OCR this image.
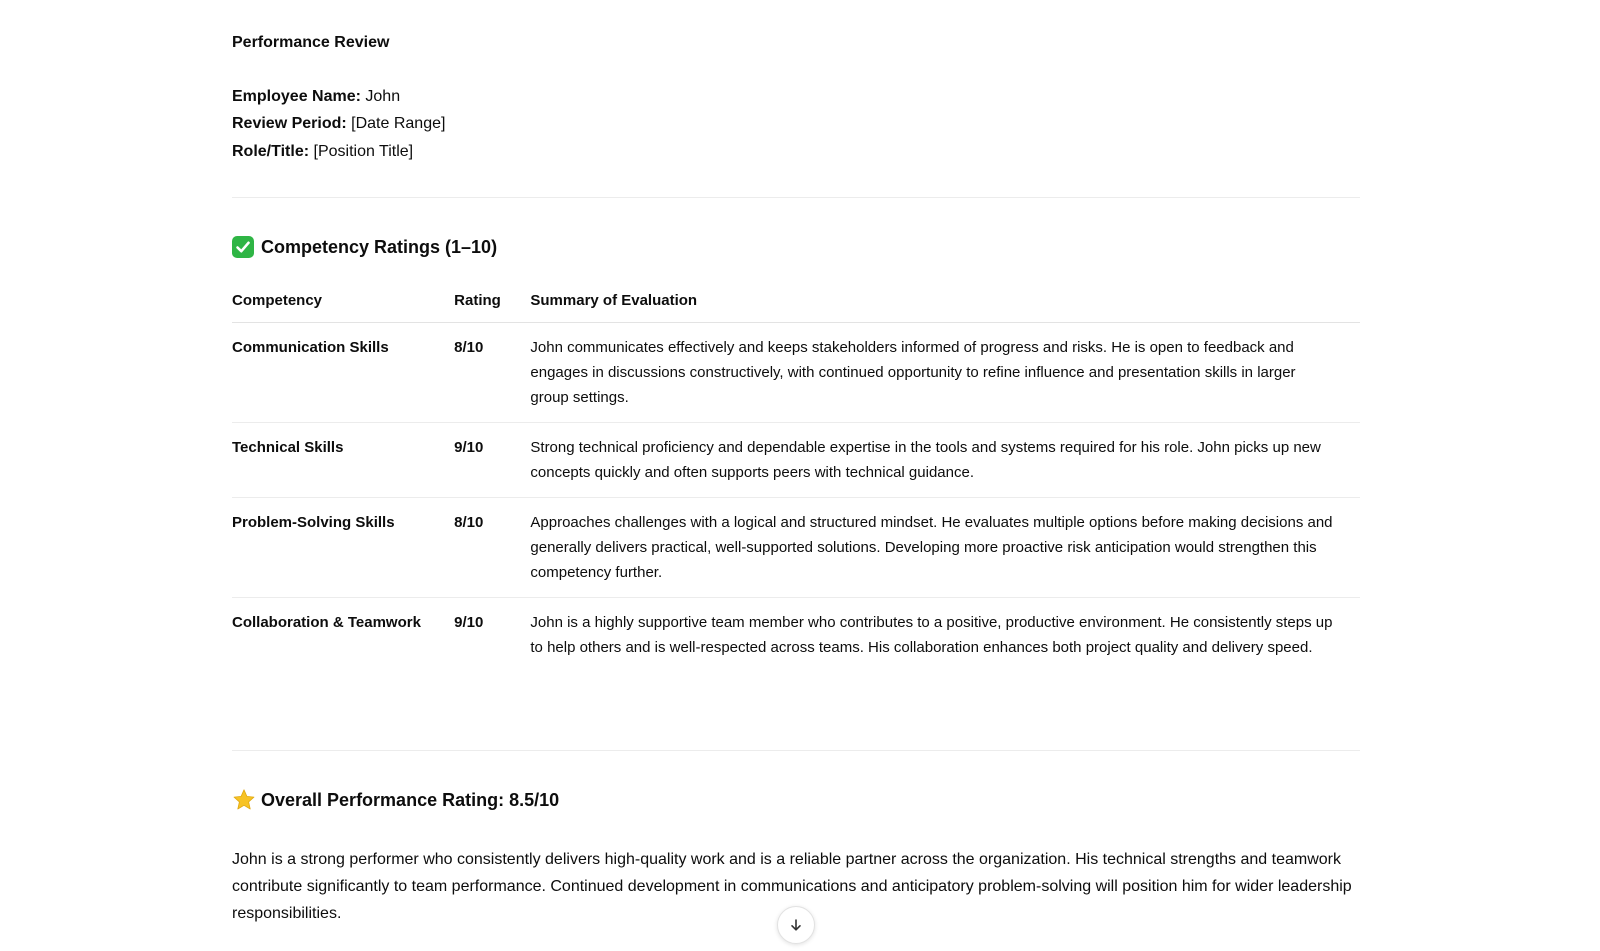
Performance Review
Employee Name: John
Review Period: [Date Range]
Role/Title: [Position Title]
Competency Ratings (1–10)
Competency	Rating	Summary of Evaluation
Communication Skills	8/10	John communicates effectively and keeps stakeholders informed of progress and risks. He is open to feedback and engages in discussions constructively, with continued opportunity to refine influence and presentation skills in larger group settings.
Technical Skills	9/10	Strong technical proficiency and dependable expertise in the tools and systems required for his role. John picks up new concepts quickly and often supports peers with technical guidance.
Problem-Solving Skills	8/10	Approaches challenges with a logical and structured mindset. He evaluates multiple options before making decisions and generally delivers practical, well-supported solutions. Developing more proactive risk anticipation would strengthen this competency further.
Collaboration & Teamwork	9/10	John is a highly supportive team member who contributes to a positive, productive environment. He consistently steps up to help others and is well-respected across teams. His collaboration enhances both project quality and delivery speed.
Overall Performance Rating: 8.5/10
John is a strong performer who consistently delivers high-quality work and is a reliable partner across the organization. His technical strengths and teamwork contribute significantly to team performance. Continued development in communications and anticipatory problem-solving will position him for wider leadership responsibilities.
